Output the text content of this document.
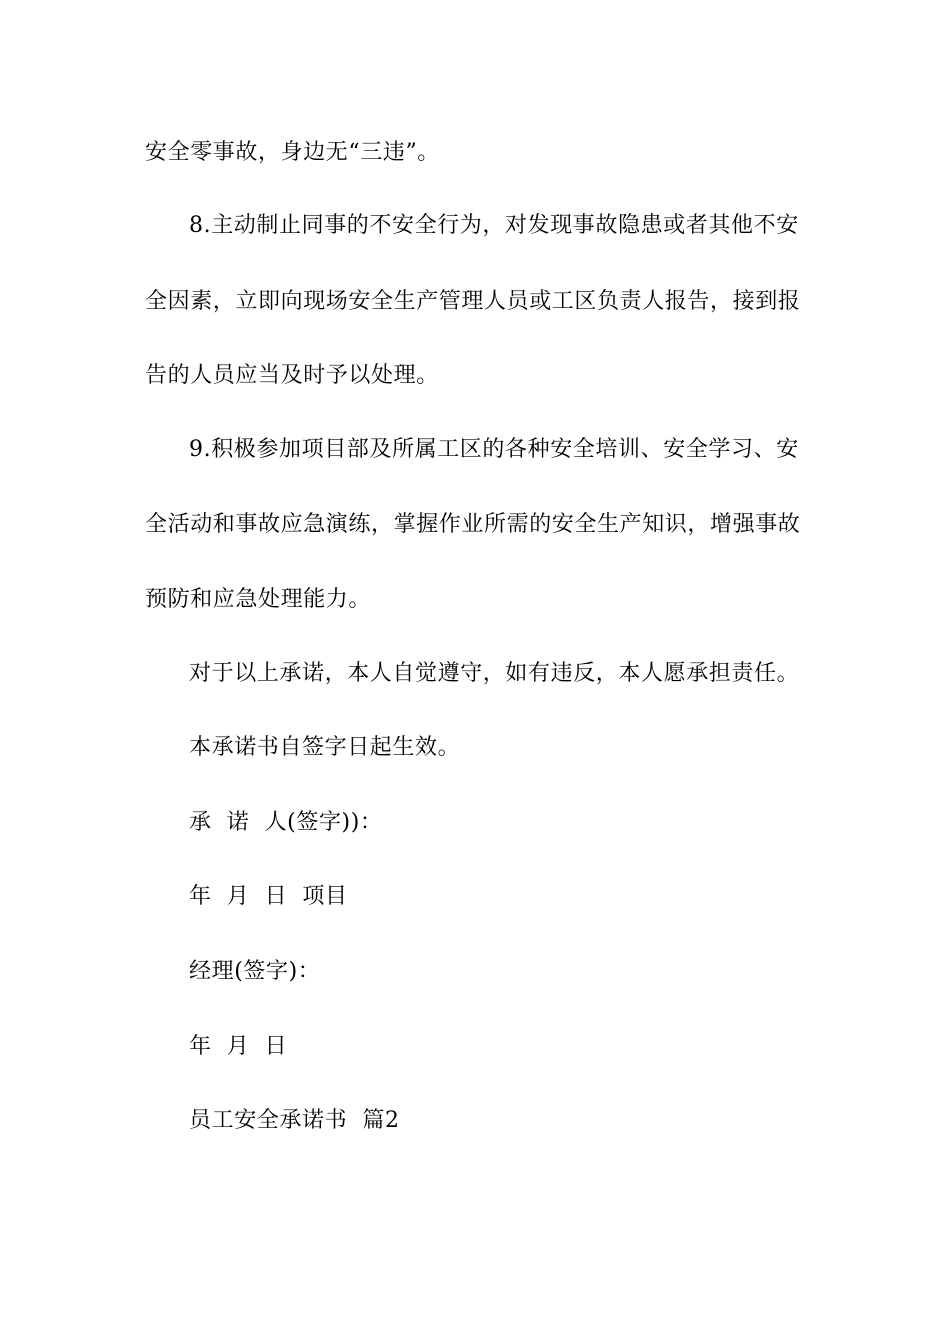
安全零事故，身边无“三违”。
8.主动制止同事的不安全行为，对发现事故隐患或者其他不安
全因素，立即向现场安全生产管理人员或工区负责人报告，接到报
告的人员应当及时予以处理。
9.积极参加项目部及所属工区的各种安全培训、安全学习、安
全活动和事故应急演练，掌握作业所需的安全生产知识，增强事故
预防和应急处理能力。
对于以上承诺，本人自觉遵守，如有违反，本人愿承担责任。
本承诺书自签字日起生效。
承  诺  人(签字))：
年  月  日  项目
经理(签字)：
年  月  日
员工安全承诺书  篇2
